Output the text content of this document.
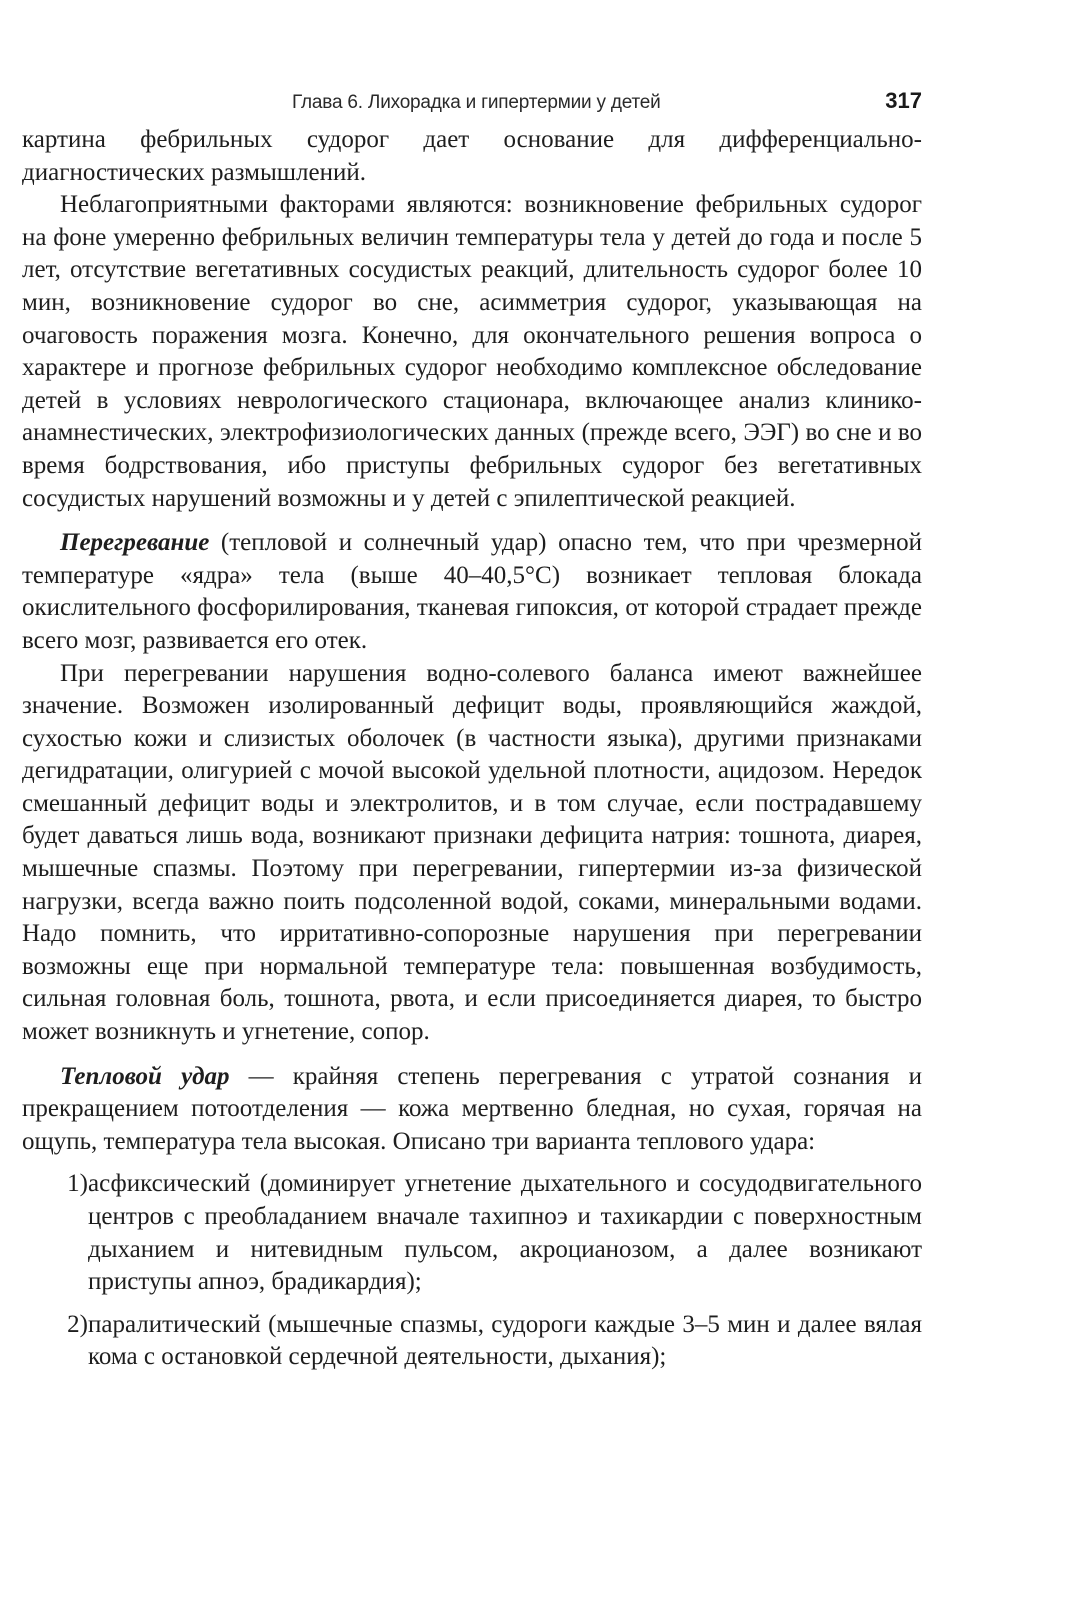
Глава 6. Лихорадка и гипертермии у детей	317

картина фебрильных судорог дает основание для дифференциально-диагностических размышлений.

Неблагоприятными факторами являются: возникновение фебрильных судорог на фоне умеренно фебрильных величин температуры тела у детей до года и после 5 лет, отсутствие вегетативных сосудистых реакций, длительность судорог более 10 мин, возникновение судорог во сне, асимметрия судорог, указывающая на очаговость поражения мозга. Конечно, для окончательного решения вопроса о характере и прогнозе фебрильных судорог необходимо комплексное обследование детей в условиях неврологического стационара, включающее анализ клинико-анамнестических, электрофизиологических данных (прежде всего, ЭЭГ) во сне и во время бодрствования, ибо приступы фебрильных судорог без вегетативных сосудистых нарушений возможны и у детей с эпилептической реакцией.

Перегревание (тепловой и солнечный удар) опасно тем, что при чрезмерной температуре «ядра» тела (выше 40–40,5°С) возникает тепловая блокада окислительного фосфорилирования, тканевая гипоксия, от которой страдает прежде всего мозг, развивается его отек.

При перегревании нарушения водно-солевого баланса имеют важнейшее значение. Возможен изолированный дефицит воды, проявляющийся жаждой, сухостью кожи и слизистых оболочек (в частности языка), другими признаками дегидратации, олигурией с мочой высокой удельной плотности, ацидозом. Нередок смешанный дефицит воды и электролитов, и в том случае, если пострадавшему будет даваться лишь вода, возникают признаки дефицита натрия: тошнота, диарея, мышечные спазмы. Поэтому при перегревании, гипертермии из-за физической нагрузки, всегда важно поить подсоленной водой, соками, минеральными водами. Надо помнить, что ирритативно-сопорозные нарушения при перегревании возможны еще при нормальной температуре тела: повышенная возбудимость, сильная головная боль, тошнота, рвота, и если присоединяется диарея, то быстро может возникнуть и угнетение, сопор.

Тепловой удар — крайняя степень перегревания с утратой сознания и прекращением потоотделения — кожа мертвенно бледная, но сухая, горячая на ощупь, температура тела высокая. Описано три варианта теплового удара:

1) асфиксический (доминирует угнетение дыхательного и сосудодвигательного центров с преобладанием вначале тахипноэ и тахикардии с поверхностным дыханием и нитевидным пульсом, акроцианозом, а далее возникают приступы апноэ, брадикардия);
2) паралитический (мышечные спазмы, судороги каждые 3–5 мин и далее вялая кома с остановкой сердечной деятельности, дыхания);
